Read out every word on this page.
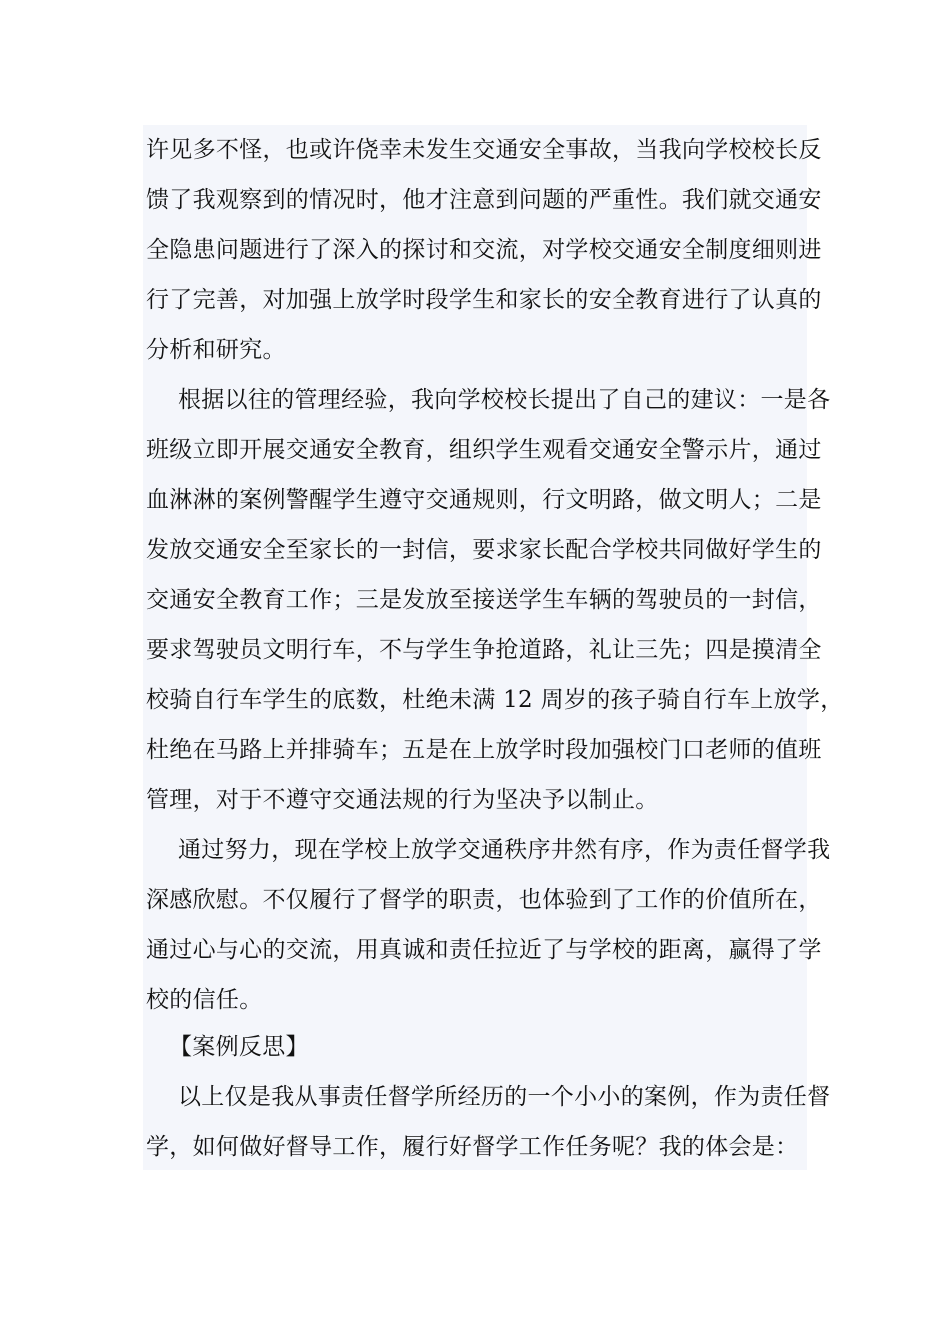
许见多不怪，也或许侥幸未发生交通安全事故，当我向学校校长反
馈了我观察到的情况时，他才注意到问题的严重性。我们就交通安
全隐患问题进行了深入的探讨和交流，对学校交通安全制度细则进
行了完善，对加强上放学时段学生和家长的安全教育进行了认真的
分析和研究。
根据以往的管理经验，我向学校校长提出了自己的建议：一是各
班级立即开展交通安全教育，组织学生观看交通安全警示片，通过
血淋淋的案例警醒学生遵守交通规则，行文明路，做文明人；二是
发放交通安全至家长的一封信，要求家长配合学校共同做好学生的
交通安全教育工作；三是发放至接送学生车辆的驾驶员的一封信，
要求驾驶员文明行车，不与学生争抢道路，礼让三先；四是摸清全
校骑自行车学生的底数，杜绝未满 12 周岁的孩子骑自行车上放学，
杜绝在马路上并排骑车；五是在上放学时段加强校门口老师的值班
管理，对于不遵守交通法规的行为坚决予以制止。
通过努力，现在学校上放学交通秩序井然有序，作为责任督学我
深感欣慰。不仅履行了督学的职责，也体验到了工作的价值所在，
通过心与心的交流，用真诚和责任拉近了与学校的距离，赢得了学
校的信任。
【案例反思】
以上仅是我从事责任督学所经历的一个小小的案例，作为责任督
学，如何做好督导工作，履行好督学工作任务呢？我的体会是：
